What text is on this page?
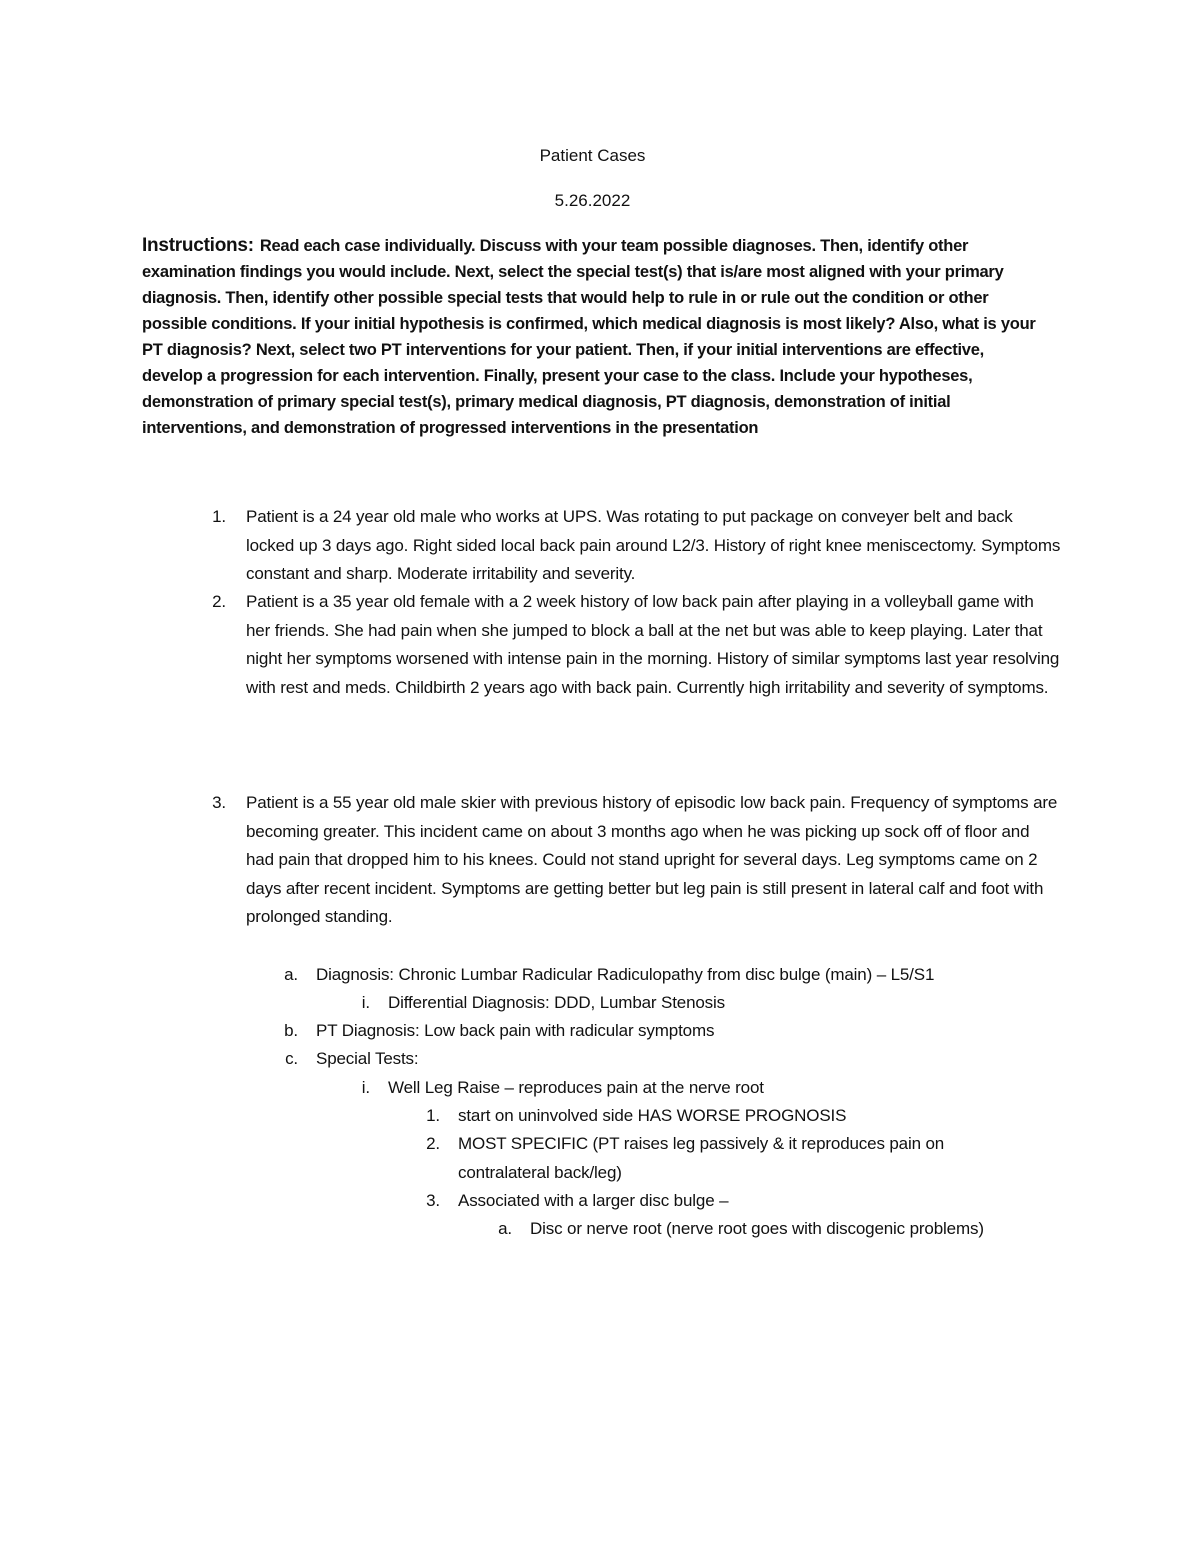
Patient Cases
5.26.2022
Instructions: Read each case individually. Discuss with your team possible diagnoses. Then, identify other examination findings you would include. Next, select the special test(s) that is/are most aligned with your primary diagnosis. Then, identify other possible special tests that would help to rule in or rule out the condition or other possible conditions. If your initial hypothesis is confirmed, which medical diagnosis is most likely? Also, what is your PT diagnosis? Next, select two PT interventions for your patient. Then, if your initial interventions are effective, develop a progression for each intervention. Finally, present your case to the class. Include your hypotheses, demonstration of primary special test(s), primary medical diagnosis, PT diagnosis, demonstration of initial interventions, and demonstration of progressed interventions in the presentation
1. Patient is a 24 year old male who works at UPS. Was rotating to put package on conveyer belt and back locked up 3 days ago. Right sided local back pain around L2/3. History of right knee meniscectomy. Symptoms constant and sharp. Moderate irritability and severity.
2. Patient is a 35 year old female with a 2 week history of low back pain after playing in a volleyball game with her friends. She had pain when she jumped to block a ball at the net but was able to keep playing. Later that night her symptoms worsened with intense pain in the morning. History of similar symptoms last year resolving with rest and meds. Childbirth 2 years ago with back pain. Currently high irritability and severity of symptoms.
3. Patient is a 55 year old male skier with previous history of episodic low back pain. Frequency of symptoms are becoming greater. This incident came on about 3 months ago when he was picking up sock off of floor and had pain that dropped him to his knees. Could not stand upright for several days. Leg symptoms came on 2 days after recent incident. Symptoms are getting better but leg pain is still present in lateral calf and foot with prolonged standing.
a. Diagnosis: Chronic Lumbar Radicular Radiculopathy from disc bulge (main) – L5/S1
i. Differential Diagnosis: DDD, Lumbar Stenosis
b. PT Diagnosis: Low back pain with radicular symptoms
c. Special Tests:
i. Well Leg Raise – reproduces pain at the nerve root
1. start on uninvolved side HAS WORSE PROGNOSIS
2. MOST SPECIFIC (PT raises leg passively & it reproduces pain on contralateral back/leg)
3. Associated with a larger disc bulge –
a. Disc or nerve root (nerve root goes with discogenic problems)
